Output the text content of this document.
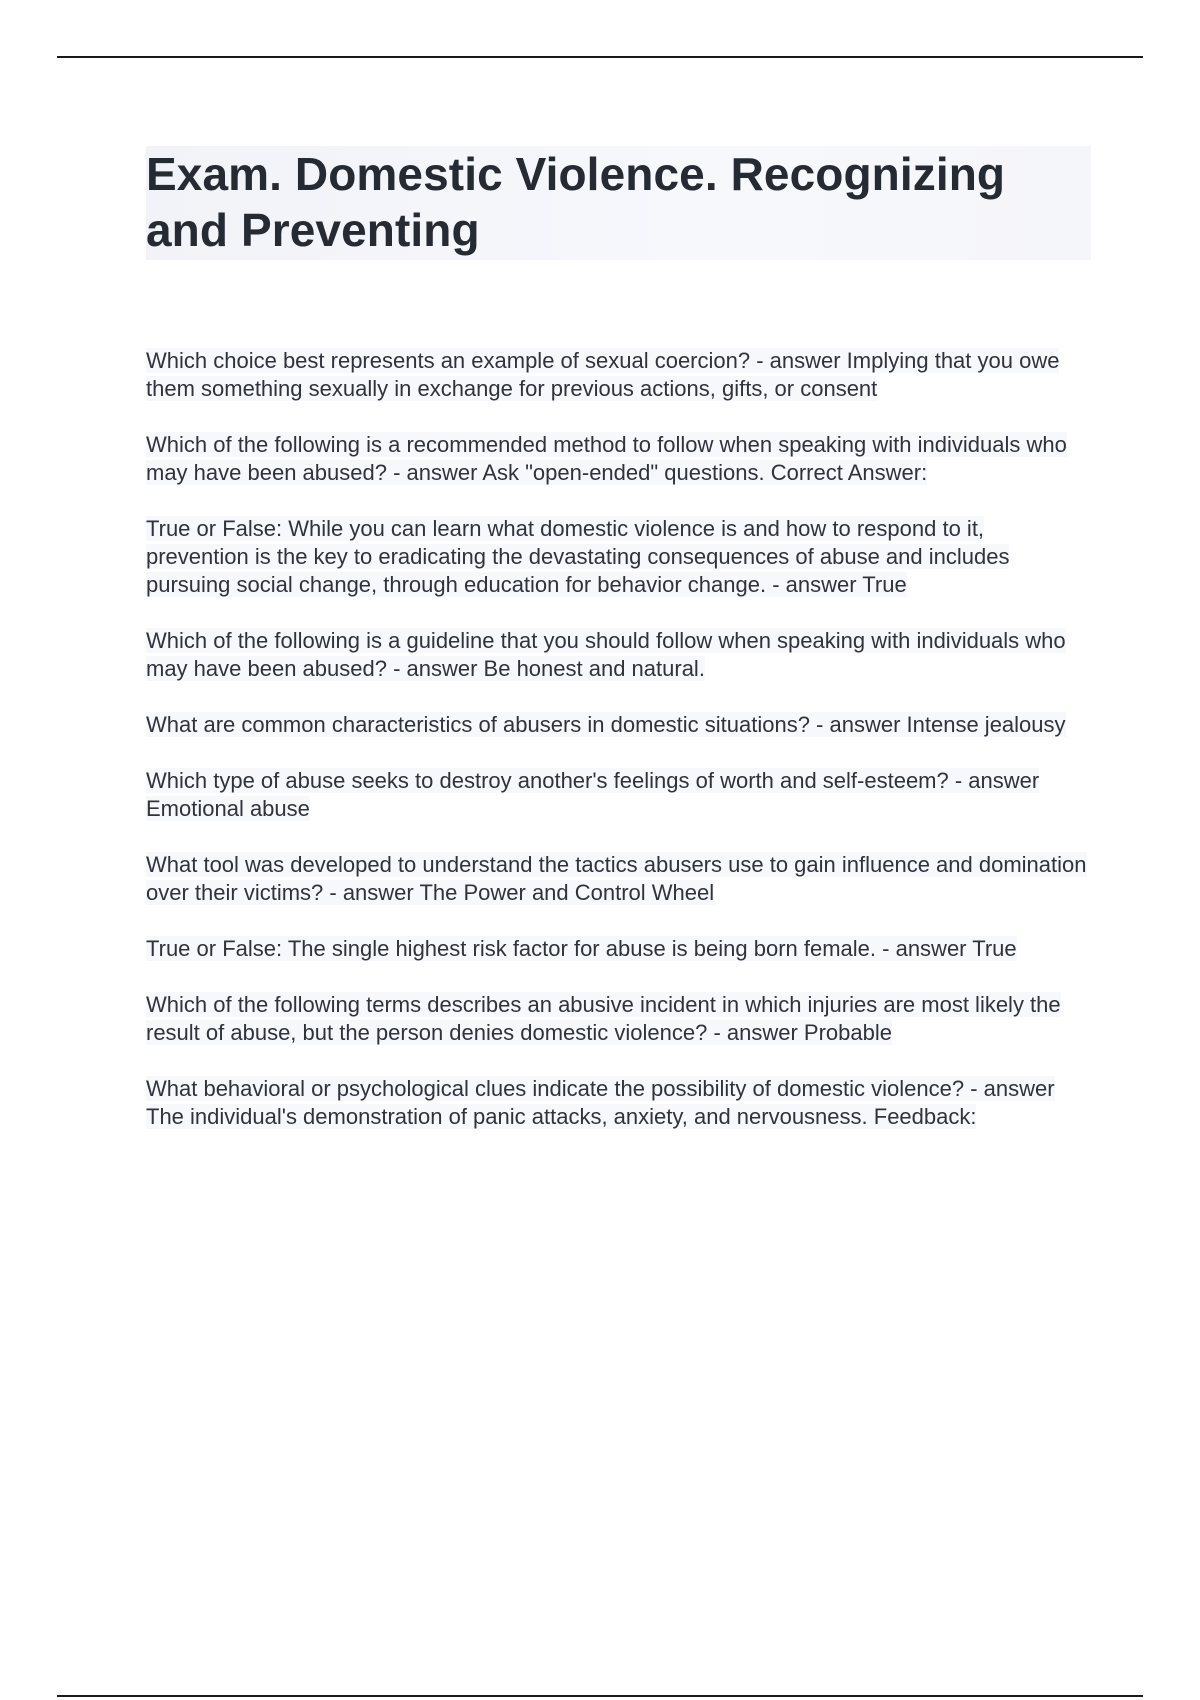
Exam. Domestic Violence. Recognizing and Preventing
Which choice best represents an example of sexual coercion? - answer Implying that you owe them something sexually in exchange for previous actions, gifts, or consent
Which of the following is a recommended method to follow when speaking with individuals who may have been abused? - answer Ask "open-ended" questions. Correct Answer:
True or False: While you can learn what domestic violence is and how to respond to it, prevention is the key to eradicating the devastating consequences of abuse and includes pursuing social change, through education for behavior change. - answer True
Which of the following is a guideline that you should follow when speaking with individuals who may have been abused? - answer Be honest and natural.
What are common characteristics of abusers in domestic situations? - answer Intense jealousy
Which type of abuse seeks to destroy another's feelings of worth and self-esteem? - answer Emotional abuse
What tool was developed to understand the tactics abusers use to gain influence and domination over their victims? - answer The Power and Control Wheel
True or False: The single highest risk factor for abuse is being born female. - answer True
Which of the following terms describes an abusive incident in which injuries are most likely the result of abuse, but the person denies domestic violence? - answer Probable
What behavioral or psychological clues indicate the possibility of domestic violence? - answer The individual's demonstration of panic attacks, anxiety, and nervousness. Feedback:
